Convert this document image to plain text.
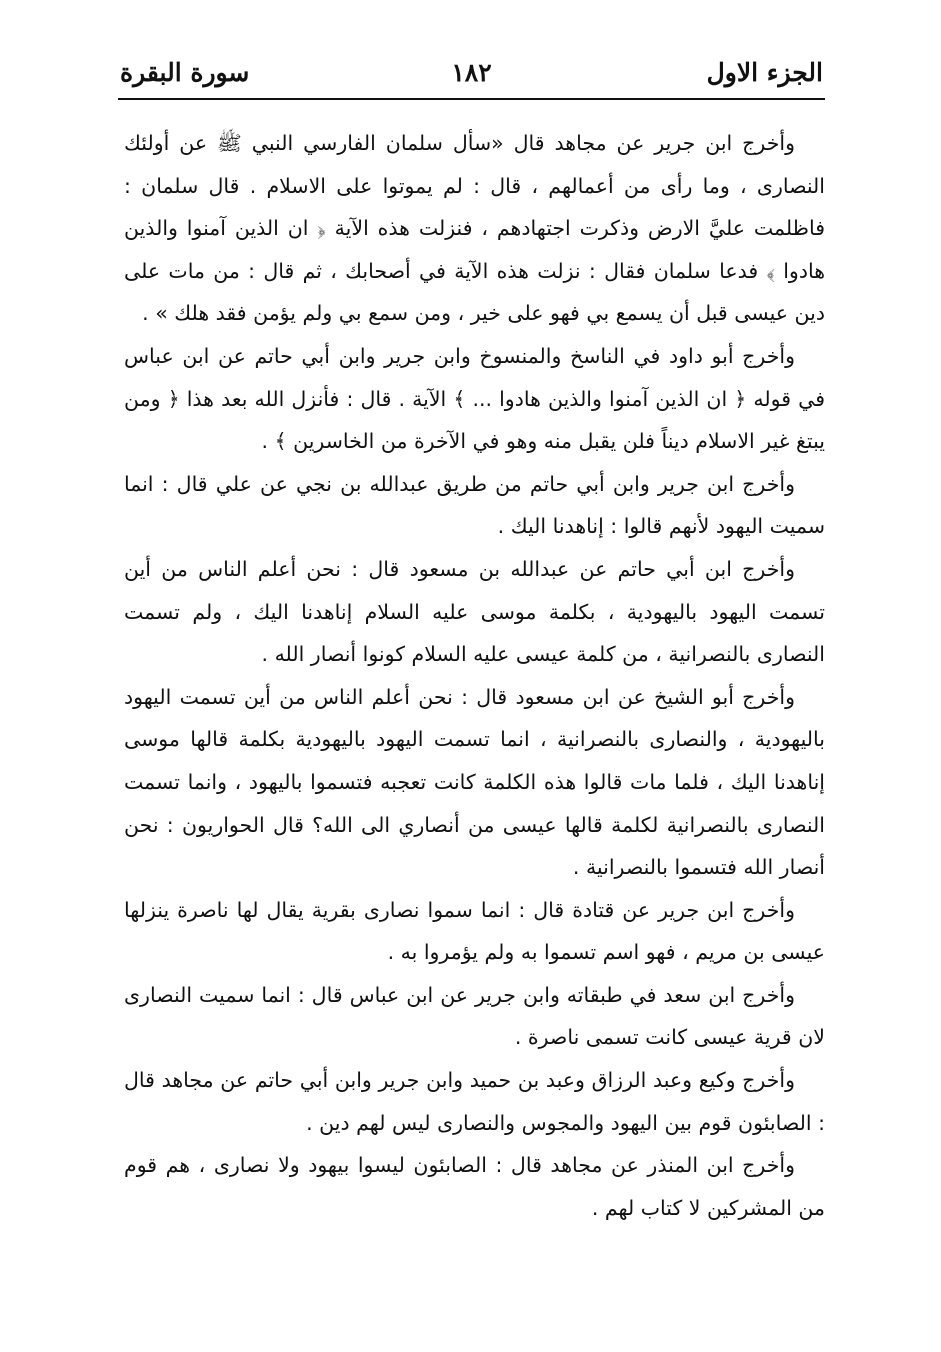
الجزء الاول
١٨٢
سورة البقرة

وأخرج ابن جرير عن مجاهد قال «سأل سلمان الفارسي النبي ﷺ عن أولئك النصارى ، وما رأى من أعمالهم ، قال : لم يموتوا على الاسلام . قال سلمان : فاظلمت عليَّ الارض وذكرت اجتهادهم ، فنزلت هذه الآية ﴿ ان الذين آمنوا والذين هادوا ﴾ فدعا سلمان فقال : نزلت هذه الآية في أصحابك ، ثم قال : من مات على دين عيسى قبل أن يسمع بي فهو على خير ، ومن سمع بي ولم يؤمن فقد هلك » .

وأخرج أبو داود في الناسخ والمنسوخ وابن جرير وابن أبي حاتم عن ابن عباس في قوله ﴿ ان الذين آمنوا والذين هادوا ... ﴾ الآية . قال : فأنزل الله بعد هذا ﴿ ومن يبتغ غير الاسلام ديناً فلن يقبل منه وهو في الآخرة من الخاسرين ﴾ .

وأخرج ابن جرير وابن أبي حاتم من طريق عبدالله بن نجي عن علي قال : انما سميت اليهود لأنهم قالوا : إناهدنا اليك .

وأخرج ابن أبي حاتم عن عبدالله بن مسعود قال : نحن أعلم الناس من أين تسمت اليهود باليهودية ، بكلمة موسى عليه السلام إناهدنا اليك ، ولم تسمت النصارى بالنصرانية ، من كلمة عيسى عليه السلام كونوا أنصار الله .

وأخرج أبو الشيخ عن ابن مسعود قال : نحن أعلم الناس من أين تسمت اليهود باليهودية ، والنصارى بالنصرانية ، انما تسمت اليهود باليهودية بكلمة قالها موسى إناهدنا اليك ، فلما مات قالوا هذه الكلمة كانت تعجبه فتسموا باليهود ، وانما تسمت النصارى بالنصرانية لكلمة قالها عيسى من أنصاري الى الله؟ قال الحواريون : نحن أنصار الله فتسموا بالنصرانية .

وأخرج ابن جرير عن قتادة قال : انما سموا نصارى بقرية يقال لها ناصرة ينزلها عيسى بن مريم ، فهو اسم تسموا به ولم يؤمروا به .

وأخرج ابن سعد في طبقاته وابن جرير عن ابن عباس قال : انما سميت النصارى لان قرية عيسى كانت تسمى ناصرة .

وأخرج وكيع وعبد الرزاق وعبد بن حميد وابن جرير وابن أبي حاتم عن مجاهد قال : الصابئون قوم بين اليهود والمجوس والنصارى ليس لهم دين .

وأخرج ابن المنذر عن مجاهد قال : الصابئون ليسوا بيهود ولا نصارى ، هم قوم من المشركين لا كتاب لهم .
